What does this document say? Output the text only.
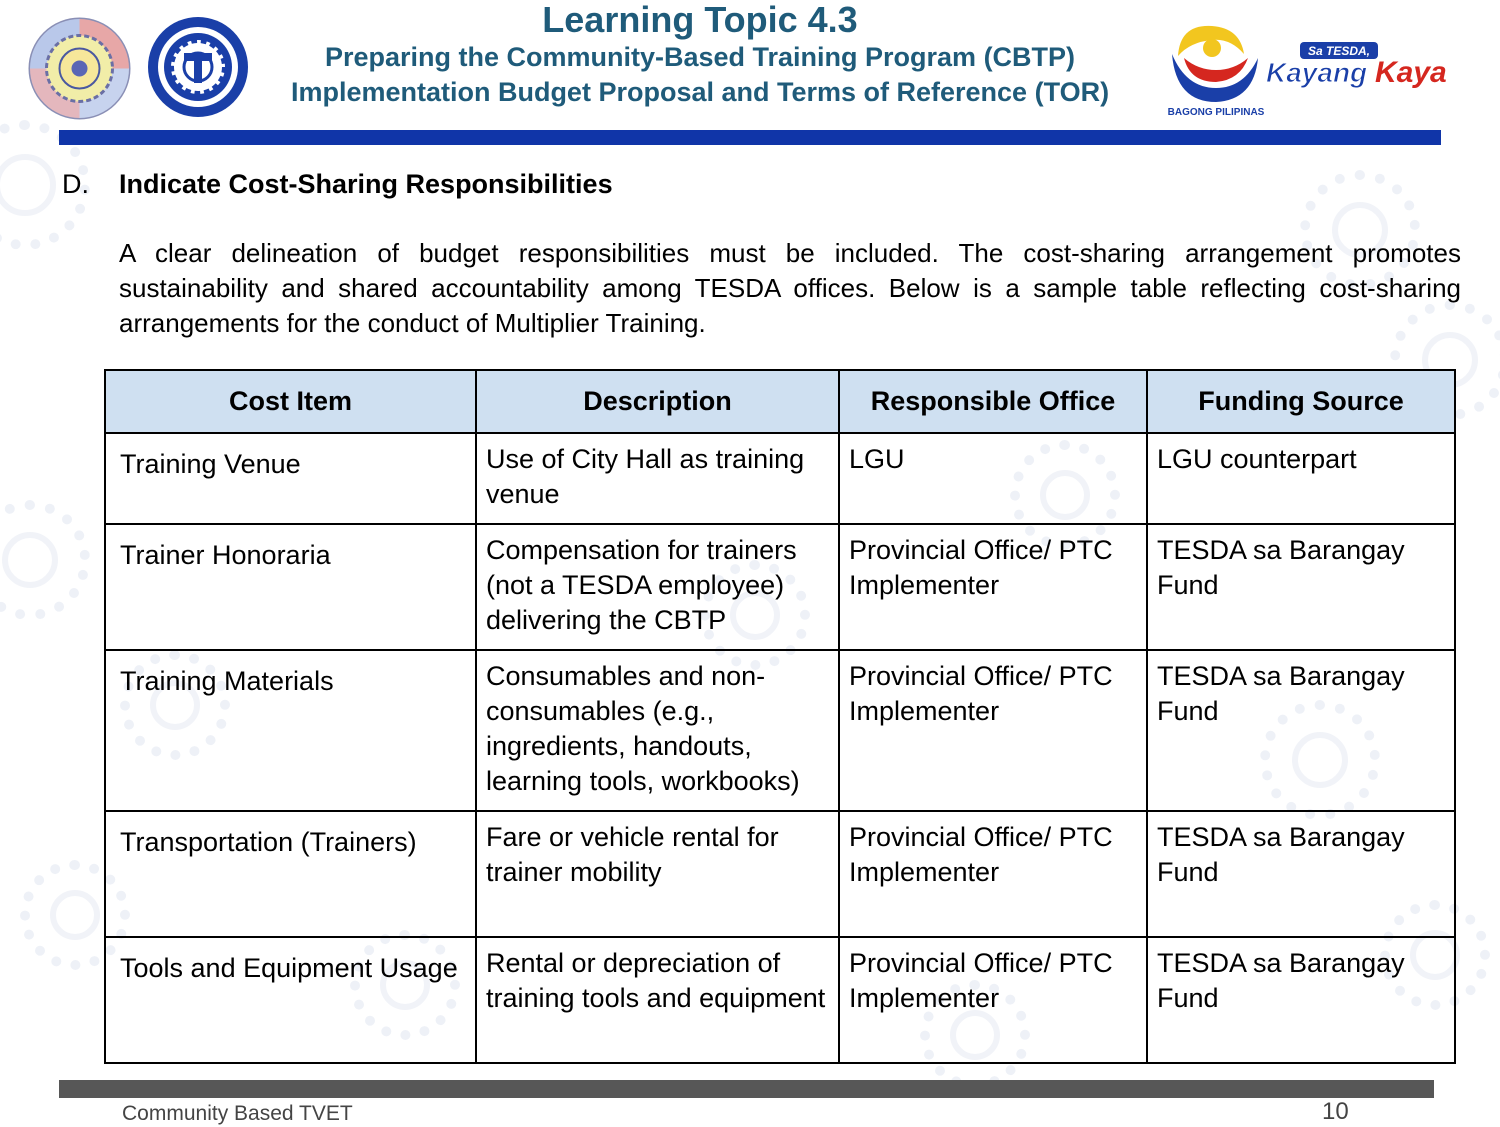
Learning Topic 4.3
Preparing the Community-Based Training Program (CBTP)
Implementation Budget Proposal and Terms of Reference (TOR)
BAGONG PILIPINAS
Sa TESDA,
Kayang Kaya
D. Indicate Cost-Sharing Responsibilities
A clear delineation of budget responsibilities must be included. The cost-sharing arrangement promotes sustainability and shared accountability among TESDA offices. Below is a sample table reflecting cost-sharing arrangements for the conduct of Multiplier Training.
Cost Item	Description	Responsible Office	Funding Source
Training Venue	Use of City Hall as training venue	LGU	LGU counterpart
Trainer Honoraria	Compensation for trainers (not a TESDA employee) delivering the CBTP	Provincial Office/ PTC Implementer	TESDA sa Barangay Fund
Training Materials	Consumables and non-consumables (e.g., ingredients, handouts, learning tools, workbooks)	Provincial Office/ PTC Implementer	TESDA sa Barangay Fund
Transportation (Trainers)	Fare or vehicle rental for trainer mobility	Provincial Office/ PTC Implementer	TESDA sa Barangay Fund
Tools and Equipment Usage	Rental or depreciation of training tools and equipment	Provincial Office/ PTC Implementer	TESDA sa Barangay Fund
Community Based TVET	10
